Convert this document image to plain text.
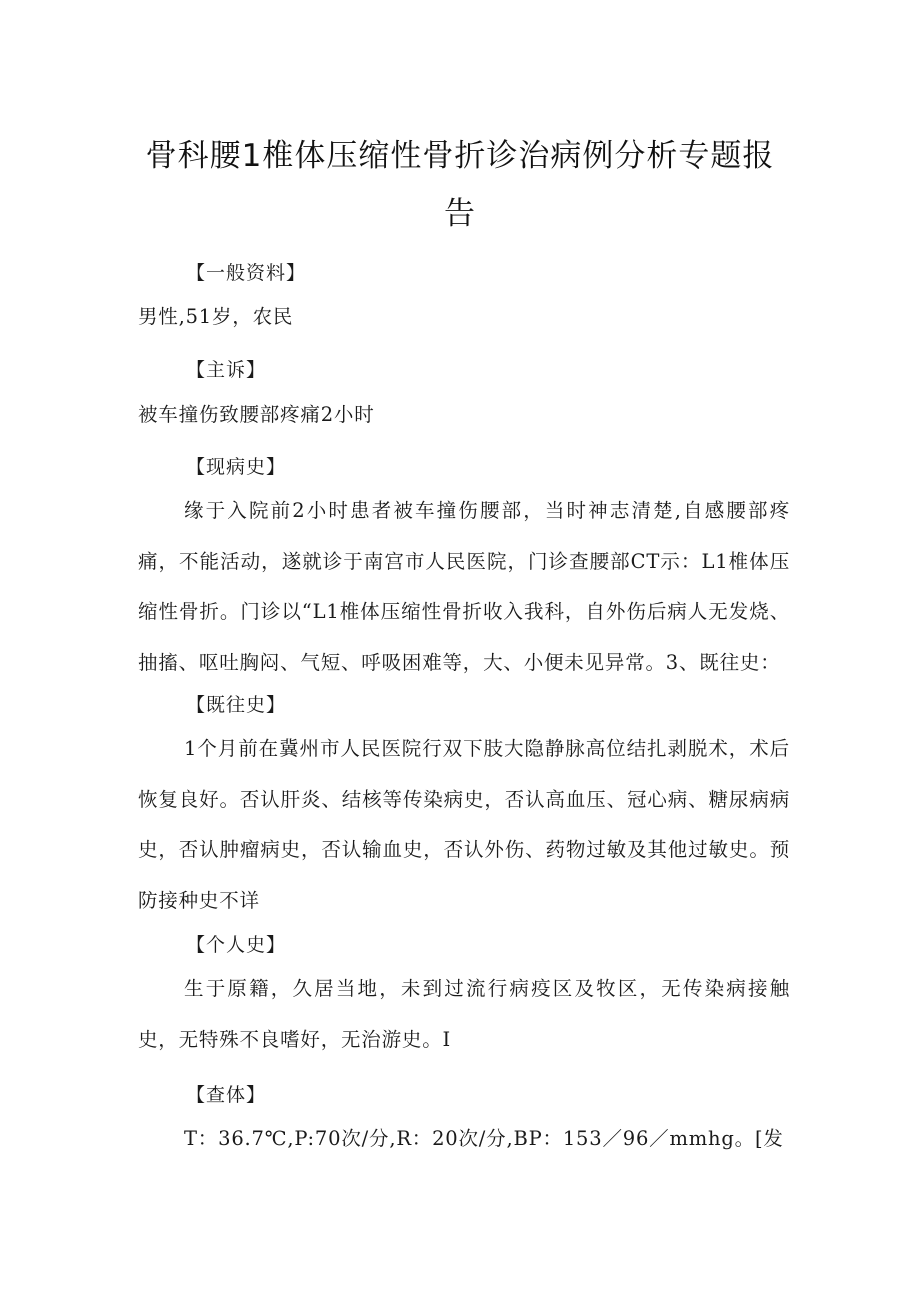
骨科腰1椎体压缩性骨折诊治病例分析专题报
告
【一般资料】
男性,51岁，农民
【主诉】
被车撞伤致腰部疼痛2小时
【现病史】
缘于入院前2小时患者被车撞伤腰部，当时神志清楚,自感腰部疼痛，不能活动，遂就诊于南宫市人民医院，门诊查腰部CT示：L1椎体压缩性骨折。门诊以“L1椎体压缩性骨折收入我科，自外伤后病人无发烧、抽搐、呕吐胸闷、气短、呼吸困难等，大、小便未见异常。3、既往史：
【既往史】
1个月前在冀州市人民医院行双下肢大隐静脉高位结扎剥脱术，术后恢复良好。否认肝炎、结核等传染病史，否认高血压、冠心病、糖尿病病史，否认肿瘤病史，否认输血史，否认外伤、药物过敏及其他过敏史。预防接种史不详
【个人史】
生于原籍，久居当地，未到过流行病疫区及牧区，无传染病接触史，无特殊不良嗜好，无治游史。I
【查体】
T：36.7℃,P:70次/分,R：20次/分,BP：153／96／mmhg。[发
